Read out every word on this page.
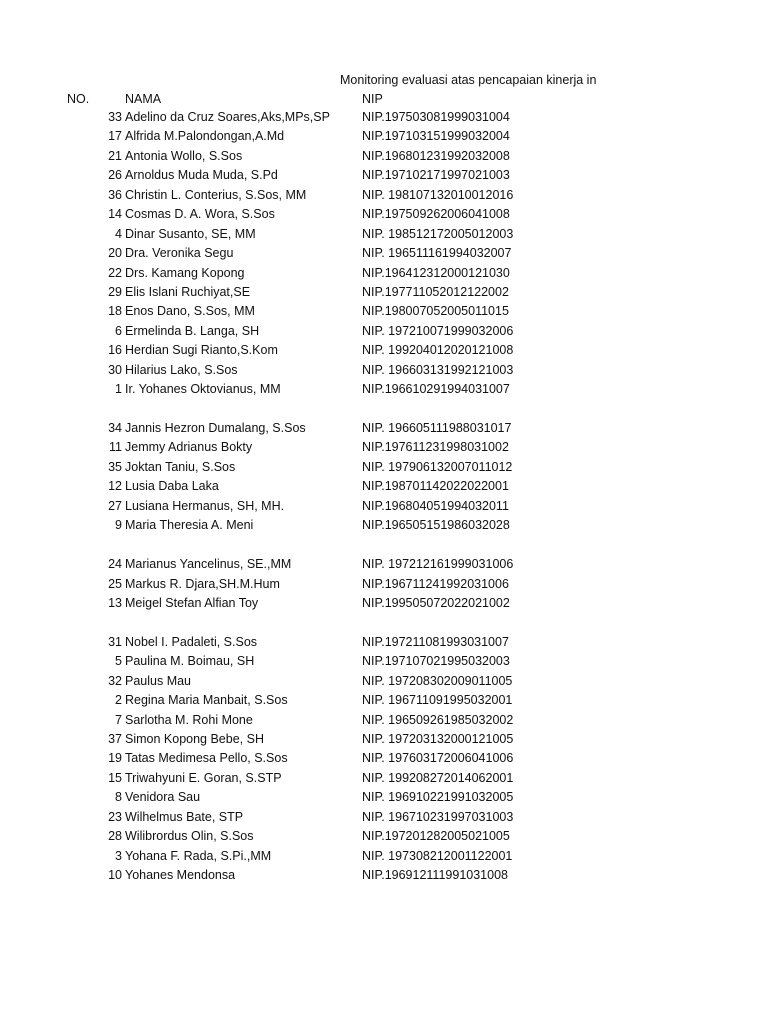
Monitoring evaluasi atas pencapaian kinerja in
NO.	NAMA	NIP
33 Adelino da Cruz Soares,Aks,MPs,SP	NIP.197503081999031004
17 Alfrida M.Palondongan,A.Md	NIP.197103151999032004
21 Antonia Wollo, S.Sos	NIP.196801231992032008
26 Arnoldus Muda Muda, S.Pd	NIP.197102171997021003
36 Christin L. Conterius, S.Sos, MM	NIP. 198107132010012016
14 Cosmas D. A. Wora, S.Sos	NIP.197509262006041008
4 Dinar Susanto, SE, MM	NIP. 198512172005012003
20 Dra. Veronika Segu	NIP. 196511161994032007
22 Drs. Kamang Kopong	NIP.196412312000121030
29 Elis Islani Ruchiyat,SE	NIP.197711052012122002
18 Enos Dano, S.Sos, MM	NIP.198007052005011015
6 Ermelinda B. Langa, SH	NIP. 197210071999032006
16 Herdian Sugi Rianto,S.Kom	NIP. 199204012020121008
30 Hilarius Lako, S.Sos	NIP. 196603131992121003
1 Ir. Yohanes Oktovianus, MM	NIP.196610291994031007
34 Jannis Hezron Dumalang, S.Sos	NIP. 196605111988031017
11 Jemmy Adrianus Bokty	NIP.197611231998031002
35 Joktan Taniu, S.Sos	NIP. 197906132007011012
12 Lusia Daba Laka	NIP.198701142022022001
27 Lusiana Hermanus, SH, MH.	NIP.196804051994032011
9 Maria Theresia A. Meni	NIP.196505151986032028
24 Marianus Yancelinus, SE.,MM	NIP. 197212161999031006
25 Markus R. Djara,SH.M.Hum	NIP.196711241992031006
13 Meigel Stefan Alfian Toy	NIP.199505072022021002
31 Nobel I. Padaleti, S.Sos	NIP.197211081993031007
5 Paulina M. Boimau, SH	NIP.197107021995032003
32 Paulus Mau	NIP. 197208302009011005
2 Regina Maria Manbait, S.Sos	NIP. 196711091995032001
7 Sarlotha M. Rohi Mone	NIP. 196509261985032002
37 Simon Kopong Bebe, SH	NIP. 197203132000121005
19 Tatas Medimesa Pello, S.Sos	NIP. 197603172006041006
15 Triwahyuni E. Goran, S.STP	NIP. 199208272014062001
8 Venidora Sau	NIP. 196910221991032005
23 Wilhelmus Bate, STP	NIP. 196710231997031003
28 Wilibrordus Olin, S.Sos	NIP.197201282005021005
3 Yohana F. Rada, S.Pi.,MM	NIP. 197308212001122001
10 Yohanes Mendonsa	NIP.196912111991031008
